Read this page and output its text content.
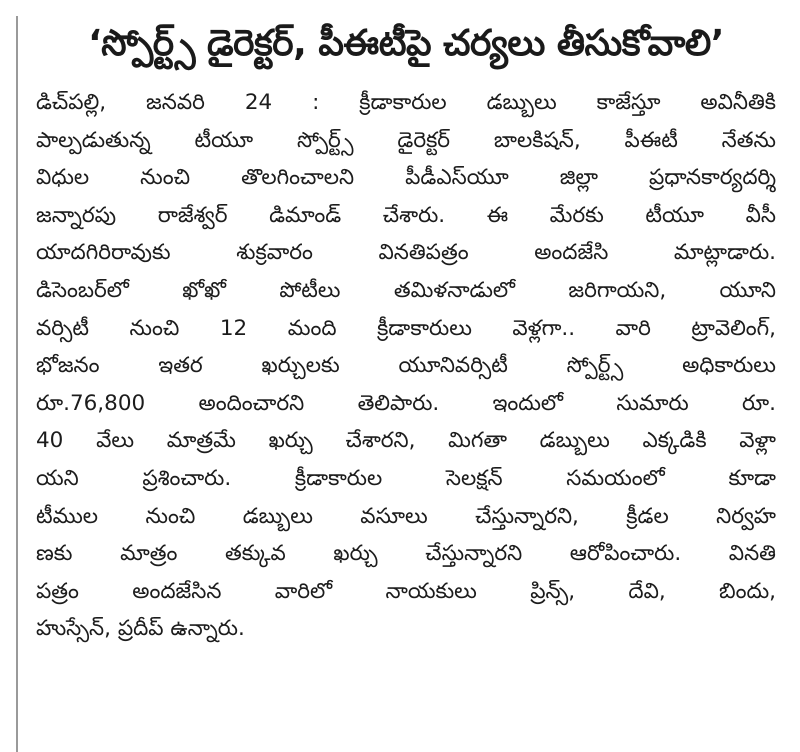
‘స్పోర్ట్స్ డైరెక్టర్, పీఈటీపై చర్యలు తీసుకోవాలి’
డిచ్‌పల్లి, జనవరి 24 : క్రీడాకారుల డబ్బులు కాజేస్తూ అవినీతికి
పాల్పడుతున్న టీయూ స్పోర్ట్స్ డైరెక్టర్ బాలకిషన్, పీఈటీ నేతను
విధుల నుంచి తొలగించాలని పీడీఎస్‌యూ జిల్లా ప్రధానకార్యదర్శి
జన్నారపు రాజేశ్వర్ డిమాండ్ చేశారు. ఈ మేరకు టీయూ వీసీ
యాదగిరిరావుకు శుక్రవారం వినతిపత్రం అందజేసి మాట్లాడారు.
డిసెంబర్‌లో ఖోఖో పోటీలు తమిళనాడులో జరిగాయని, యూని
వర్సిటీ నుంచి 12 మంది క్రీడాకారులు వెళ్లగా.. వారి ట్రావెలింగ్,
భోజనం ఇతర ఖర్చులకు యూనివర్సిటీ స్పోర్ట్స్ అధికారులు
రూ.76,800 అందించారని తెలిపారు. ఇందులో సుమారు రూ.
40 వేలు మాత్రమే ఖర్చు చేశారని, మిగతా డబ్బులు ఎక్కడికి వెళ్లా
యని ప్రశించారు. క్రీడాకారుల సెలక్షన్ సమయంలో కూడా
టీముల నుంచి డబ్బులు వసూలు చేస్తున్నారని, క్రీడల నిర్వహ
ణకు మాత్రం తక్కువ ఖర్చు చేస్తున్నారని ఆరోపించారు. వినతి
పత్రం అందజేసిన వారిలో నాయకులు ప్రిన్స్, దేవి, బిందు,
హుస్సేన్, ప్రదీప్ ఉన్నారు.
